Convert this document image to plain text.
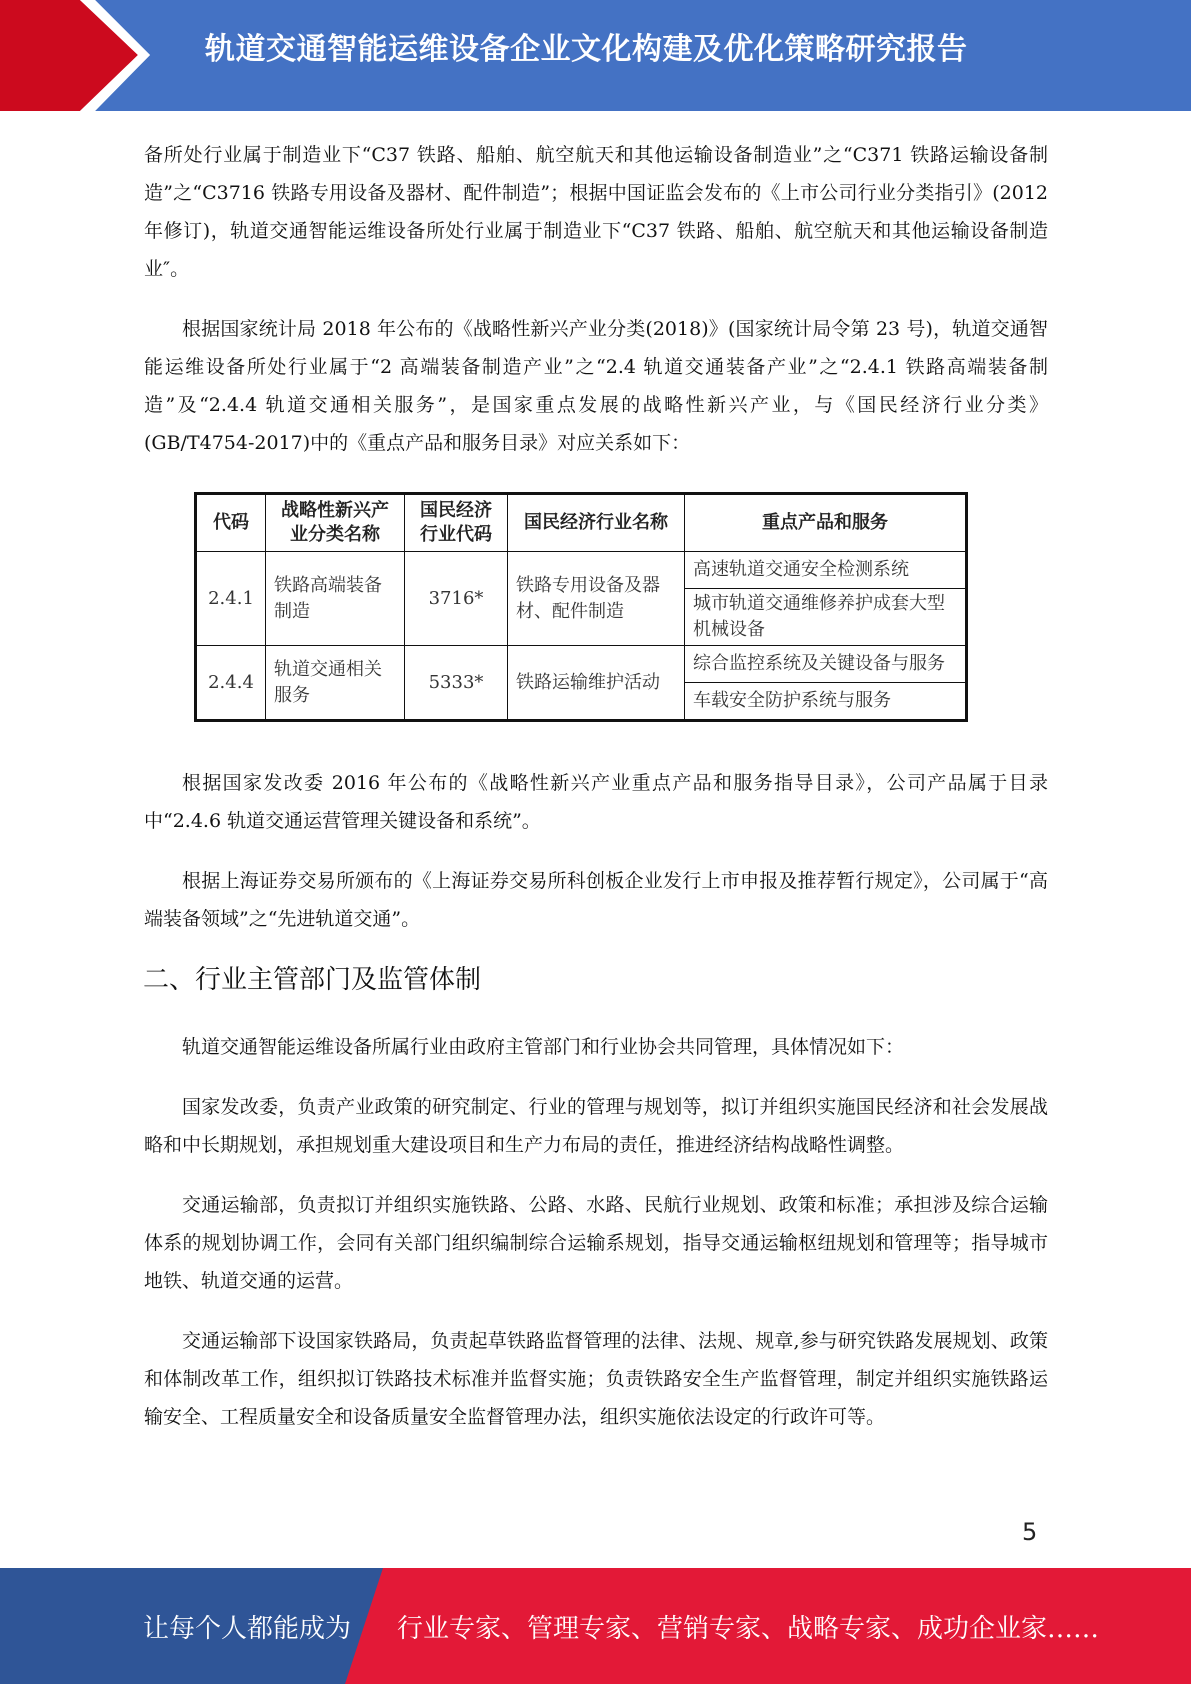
轨道交通智能运维设备企业文化构建及优化策略研究报告

备所处行业属于制造业下“C37 铁路、船舶、航空航天和其他运输设备制造业”之“C371 铁路运输设备制造”之“C3716 铁路专用设备及器材、配件制造”；根据中国证监会发布的《上市公司行业分类指引》(2012 年修订)，轨道交通智能运维设备所处行业属于制造业下“C37 铁路、船舶、航空航天和其他运输设备制造业″。

根据国家统计局 2018 年公布的《战略性新兴产业分类(2018)》(国家统计局令第 23 号)，轨道交通智能运维设备所处行业属于“2 高端装备制造产业”之“2.4 轨道交通装备产业”之“2.4.1 铁路高端装备制造”及“2.4.4 轨道交通相关服务”，是国家重点发展的战略性新兴产业，与《国民经济行业分类》(GB/T4754-2017)中的《重点产品和服务目录》对应关系如下：

代码	战略性新兴产业分类名称	国民经济行业代码	国民经济行业名称	重点产品和服务
2.4.1	铁路高端装备制造	3716*	铁路专用设备及器材、配件制造	高速轨道交通安全检测系统
				城市轨道交通维修养护成套大型机械设备
2.4.4	轨道交通相关服务	5333*	铁路运输维护活动	综合监控系统及关键设备与服务
				车载安全防护系统与服务

根据国家发改委 2016 年公布的《战略性新兴产业重点产品和服务指导目录》，公司产品属于目录中“2.4.6 轨道交通运营管理关键设备和系统”。

根据上海证券交易所颁布的《上海证券交易所科创板企业发行上市申报及推荐暂行规定》，公司属于“高端装备领域”之“先进轨道交通”。

二、行业主管部门及监管体制

轨道交通智能运维设备所属行业由政府主管部门和行业协会共同管理，具体情况如下：

国家发改委，负责产业政策的研究制定、行业的管理与规划等，拟订并组织实施国民经济和社会发展战略和中长期规划，承担规划重大建设项目和生产力布局的责任，推进经济结构战略性调整。

交通运输部，负责拟订并组织实施铁路、公路、水路、民航行业规划、政策和标准；承担涉及综合运输体系的规划协调工作，会同有关部门组织编制综合运输系规划，指导交通运输枢纽规划和管理等；指导城市地铁、轨道交通的运营。

交通运输部下设国家铁路局，负责起草铁路监督管理的法律、法规、规章,参与研究铁路发展规划、政策和体制改革工作，组织拟订铁路技术标准并监督实施；负责铁路安全生产监督管理，制定并组织实施铁路运输安全、工程质量安全和设备质量安全监督管理办法，组织实施依法设定的行政许可等。

5
让每个人都能成为 行业专家、管理专家、营销专家、战略专家、成功企业家……
